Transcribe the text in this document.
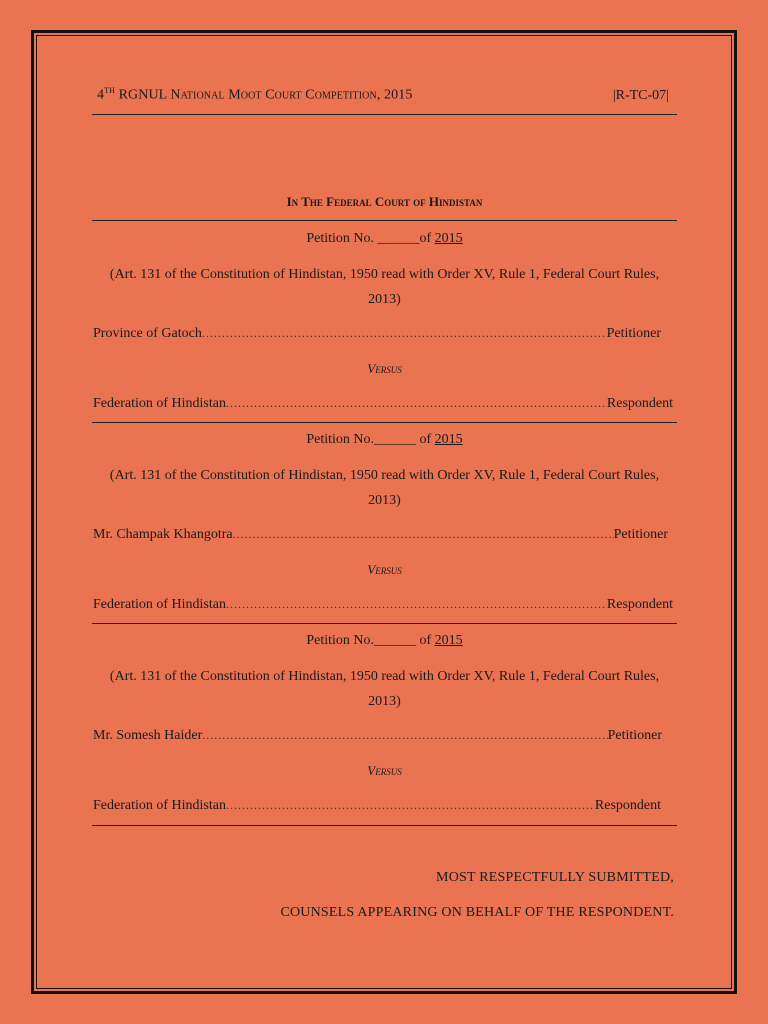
4TH RGNUL National Moot Court Competition, 2015	|R-TC-07|
In The Federal Court of Hindistan
Petition No. ______of 2015
(Art. 131 of the Constitution of Hindistan, 1950 read with Order XV, Rule 1, Federal Court Rules, 2013)
Province of Gatoch .....	Petitioner
Versus
Federation of Hindistan .....	Respondent
Petition No.______ of 2015
(Art. 131 of the Constitution of Hindistan, 1950 read with Order XV, Rule 1, Federal Court Rules, 2013)
Mr. Champak Khangotra .....	Petitioner
Versus
Federation of Hindistan .....	Respondent
Petition No.______ of 2015
(Art. 131 of the Constitution of Hindistan, 1950 read with Order XV, Rule 1, Federal Court Rules, 2013)
Mr. Somesh Haider .....	Petitioner
Versus
Federation of Hindistan .....	Respondent
MOST RESPECTFULLY SUBMITTED,
COUNSELS APPEARING ON BEHALF OF THE RESPONDENT.
